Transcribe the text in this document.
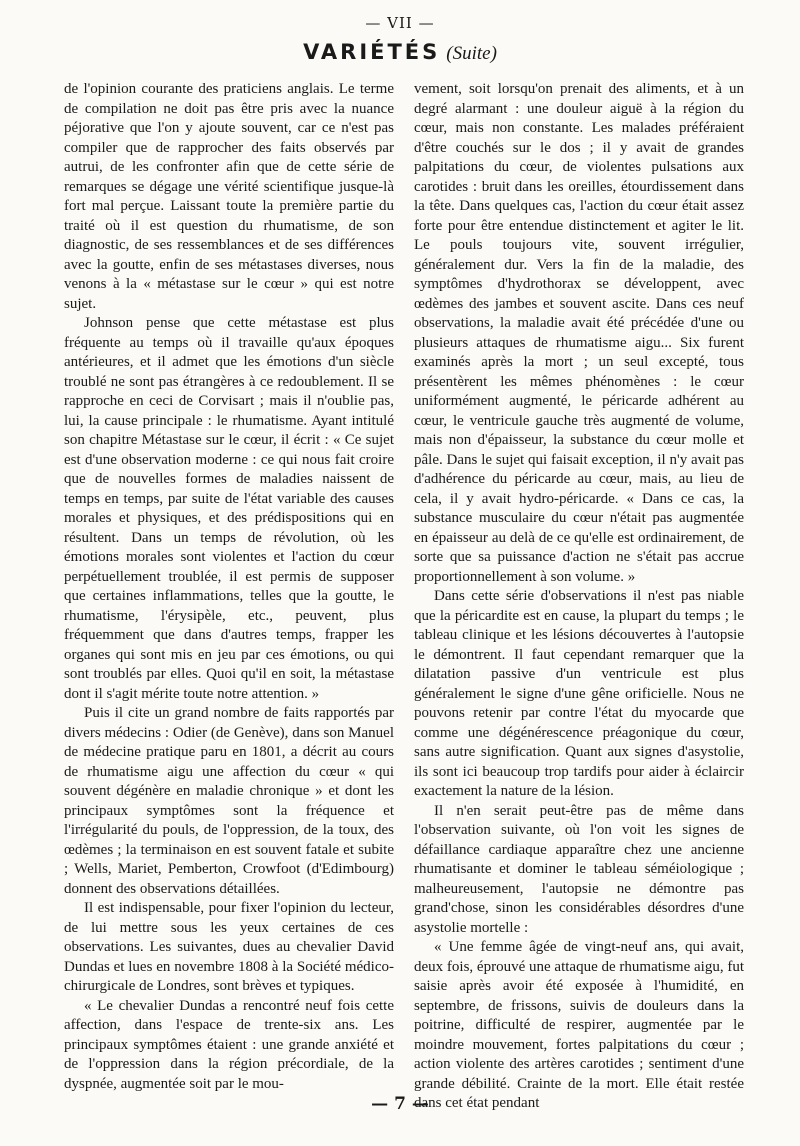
— VII —
VARIÉTÉS (Suite)

de l'opinion courante des praticiens anglais. Le terme de compilation ne doit pas être pris avec la nuance péjorative que l'on y ajoute souvent, car ce n'est pas compiler que de rapprocher des faits observés par autrui, de les confronter afin que de cette série de remarques se dégage une vérité scientifique jusque-là fort mal perçue. Laissant toute la première partie du traité où il est question du rhumatisme, de son diagnostic, de ses ressemblances et de ses différences avec la goutte, enfin de ses métastases diverses, nous venons à la « métastase sur le cœur » qui est notre sujet.

Johnson pense que cette métastase est plus fréquente au temps où il travaille qu'aux époques antérieures, et il admet que les émotions d'un siècle troublé ne sont pas étrangères à ce redoublement. Il se rapproche en ceci de Corvisart ; mais il n'oublie pas, lui, la cause principale : le rhumatisme. Ayant intitulé son chapitre Métastase sur le cœur, il écrit : « Ce sujet est d'une observation moderne : ce qui nous fait croire que de nouvelles formes de maladies naissent de temps en temps, par suite de l'état variable des causes morales et physiques, et des prédispositions qui en résultent. Dans un temps de révolution, où les émotions morales sont violentes et l'action du cœur perpétuellement troublée, il est permis de supposer que certaines inflammations, telles que la goutte, le rhumatisme, l'érysipèle, etc., peuvent, plus fréquemment que dans d'autres temps, frapper les organes qui sont mis en jeu par ces émotions, ou qui sont troublés par elles. Quoi qu'il en soit, la métastase dont il s'agit mérite toute notre attention. »

Puis il cite un grand nombre de faits rapportés par divers médecins : Odier (de Genève), dans son Manuel de médecine pratique paru en 1801, a décrit au cours de rhumatisme aigu une affection du cœur « qui souvent dégénère en maladie chronique » et dont les principaux symptômes sont la fréquence et l'irrégularité du pouls, de l'oppression, de la toux, des œdèmes ; la terminaison en est souvent fatale et subite ; Wells, Mariet, Pemberton, Crowfoot (d'Edimbourg) donnent des observations détaillées.

Il est indispensable, pour fixer l'opinion du lecteur, de lui mettre sous les yeux certaines de ces observations. Les suivantes, dues au chevalier David Dundas et lues en novembre 1808 à la Société médico-chirurgicale de Londres, sont brèves et typiques.

« Le chevalier Dundas a rencontré neuf fois cette affection, dans l'espace de trente-six ans. Les principaux symptômes étaient : une grande anxiété et de l'oppression dans la région précordiale, de la dyspnée, augmentée soit par le mou-

vement, soit lorsqu'on prenait des aliments, et à un degré alarmant : une douleur aiguë à la région du cœur, mais non constante. Les malades préféraient d'être couchés sur le dos ; il y avait de grandes palpitations du cœur, de violentes pulsations aux carotides : bruit dans les oreilles, étourdissement dans la tête. Dans quelques cas, l'action du cœur était assez forte pour être entendue distinctement et agiter le lit. Le pouls toujours vite, souvent irrégulier, généralement dur. Vers la fin de la maladie, des symptômes d'hydrothorax se développent, avec œdèmes des jambes et souvent ascite. Dans ces neuf observations, la maladie avait été précédée d'une ou plusieurs attaques de rhumatisme aigu... Six furent examinés après la mort ; un seul excepté, tous présentèrent les mêmes phénomènes : le cœur uniformément augmenté, le péricarde adhérent au cœur, le ventricule gauche très augmenté de volume, mais non d'épaisseur, la substance du cœur molle et pâle. Dans le sujet qui faisait exception, il n'y avait pas d'adhérence du péricarde au cœur, mais, au lieu de cela, il y avait hydro-péricarde. « Dans ce cas, la substance musculaire du cœur n'était pas augmentée en épaisseur au delà de ce qu'elle est ordinairement, de sorte que sa puissance d'action ne s'était pas accrue proportionnellement à son volume. »

Dans cette série d'observations il n'est pas niable que la péricardite est en cause, la plupart du temps ; le tableau clinique et les lésions découvertes à l'autopsie le démontrent. Il faut cependant remarquer que la dilatation passive d'un ventricule est plus généralement le signe d'une gêne orificielle. Nous ne pouvons retenir par contre l'état du myocarde que comme une dégénérescence préagonique du cœur, sans autre signification. Quant aux signes d'asystolie, ils sont ici beaucoup trop tardifs pour aider à éclaircir exactement la nature de la lésion.

Il n'en serait peut-être pas de même dans l'observation suivante, où l'on voit les signes de défaillance cardiaque apparaître chez une ancienne rhumatisante et dominer le tableau séméiologique ; malheureusement, l'autopsie ne démontre pas grand'chose, sinon les considérables désordres d'une asystolie mortelle :

« Une femme âgée de vingt-neuf ans, qui avait, deux fois, éprouvé une attaque de rhumatisme aigu, fut saisie après avoir été exposée à l'humidité, en septembre, de frissons, suivis de douleurs dans la poitrine, difficulté de respirer, augmentée par le moindre mouvement, fortes palpitations du cœur ; action violente des artères carotides ; sentiment d'une grande débilité. Crainte de la mort. Elle était restée dans cet état pendant

— 7 —
